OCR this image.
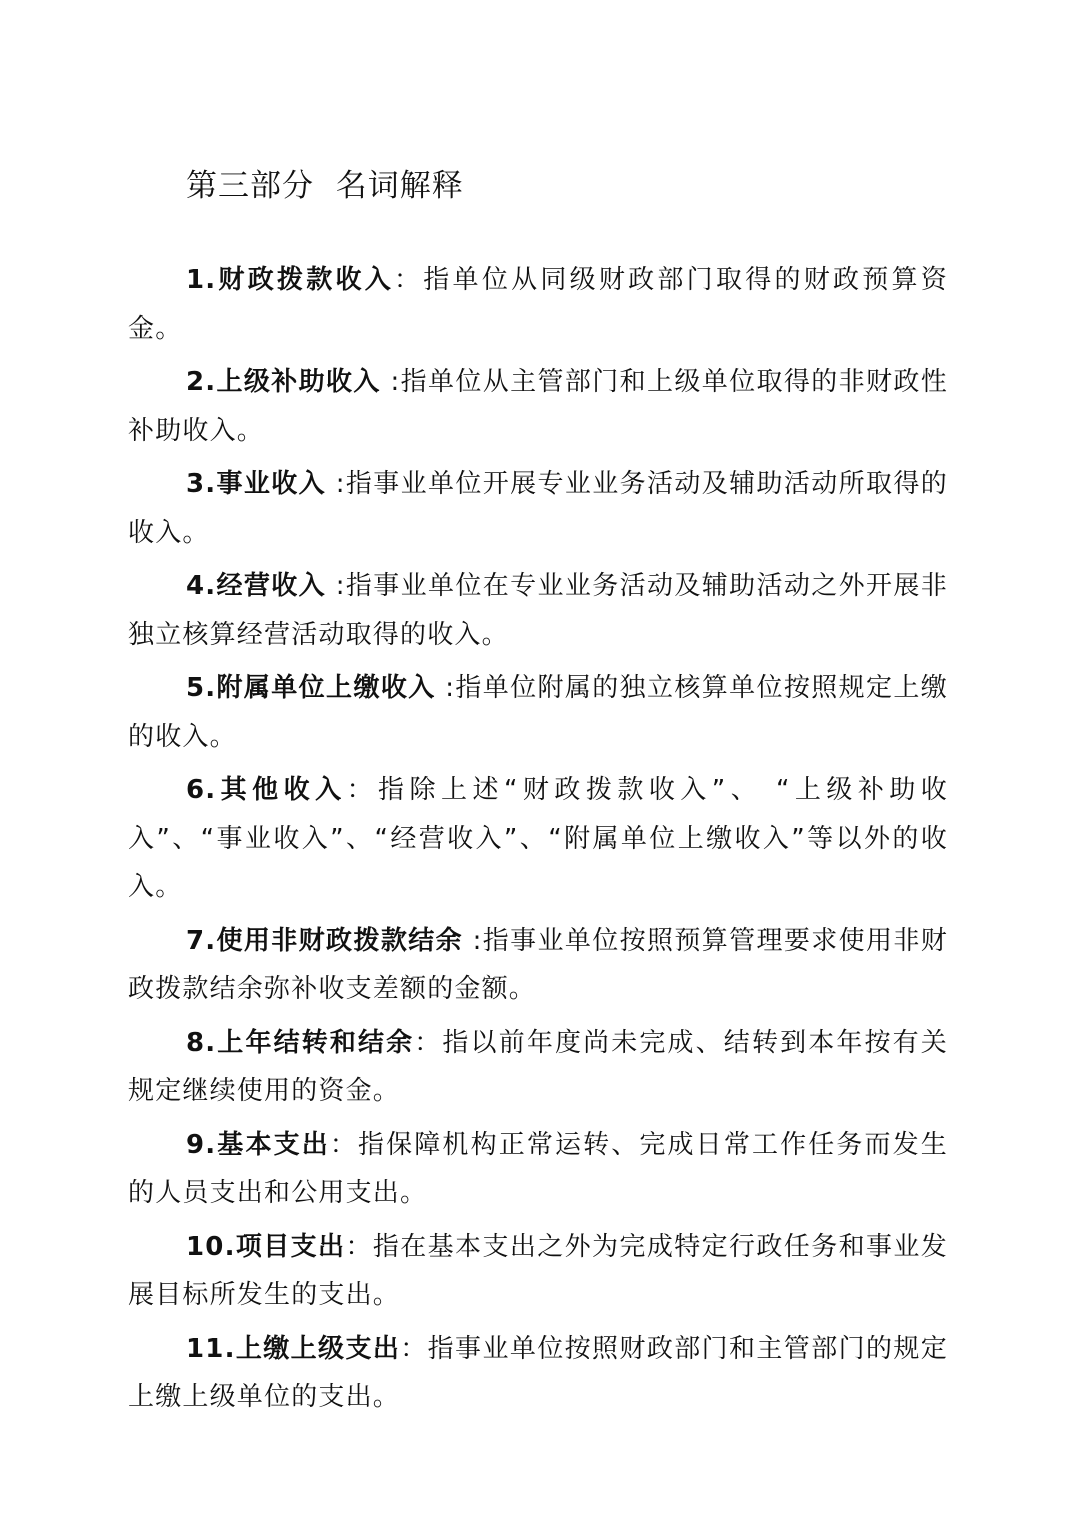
第三部分  名词解释

1.财政拨款收入：指单位从同级财政部门取得的财政预算资金。

2.上级补助收入 :指单位从主管部门和上级单位取得的非财政性补助收入。

3.事业收入 :指事业单位开展专业业务活动及辅助活动所取得的收入。

4.经营收入 :指事业单位在专业业务活动及辅助活动之外开展非独立核算经营活动取得的收入。

5.附属单位上缴收入 :指单位附属的独立核算单位按照规定上缴的收入。

6.其他收入：指除上述“财政拨款收入”、 “上级补助收入”、“事业收入”、“经营收入”、“附属单位上缴收入”等以外的收入。

7.使用非财政拨款结余 :指事业单位按照预算管理要求使用非财政拨款结余弥补收支差额的金额。

8.上年结转和结余：指以前年度尚未完成、结转到本年按有关规定继续使用的资金。

9.基本支出：指保障机构正常运转、完成日常工作任务而发生的人员支出和公用支出。

10.项目支出：指在基本支出之外为完成特定行政任务和事业发展目标所发生的支出。

11.上缴上级支出：指事业单位按照财政部门和主管部门的规定上缴上级单位的支出。
